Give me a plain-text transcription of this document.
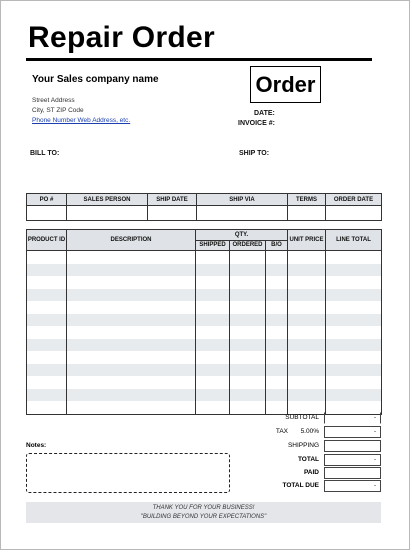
Repair Order
Your Sales company name
Street Address
City, ST ZIP Code
Phone Number Web Address, etc.
Order
DATE:
INVOICE #:
BILL TO:	SHIP TO:
PO #	SALES PERSON	SHIP DATE	SHIP VIA	TERMS	ORDER DATE

PRODUCT ID	DESCRIPTION	QTY.			UNIT PRICE	LINE TOTAL
		SHIPPED	ORDERED	B/O		

SUBTOTAL	-
TAX	5.00%	-
SHIPPING
TOTAL	-
PAID
TOTAL DUE	-
Notes:
THANK YOU FOR YOUR BUSINESS!
"BUILDING BEYOND YOUR EXPECTATIONS"
